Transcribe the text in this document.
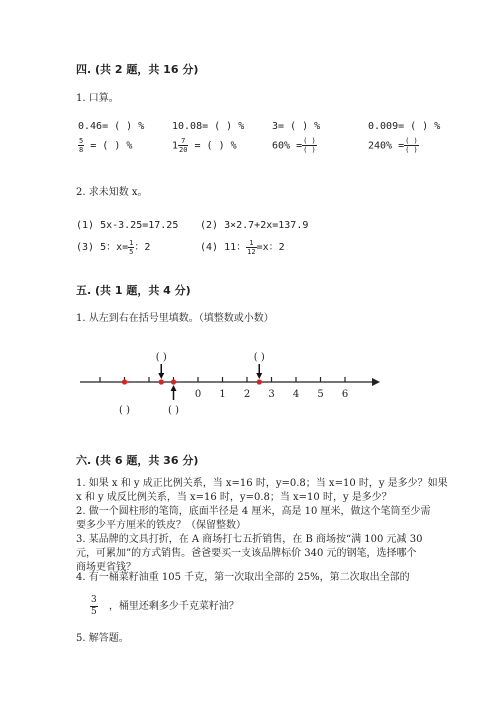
四. (共 2 题，共 16 分)
1. 口算。
0.46= ( ) %	10.08= ( ) %	3= ( ) %	0.009= ( ) %
$\frac{5}{8}$ = ( ) %	$1 \frac{7}{20}$ = ( ) %	$60\% = \frac{( )}{( )}$	$240\% = \frac{( )}{( )}$
2. 求未知数 x。
(1) 5x-3.25=17.25 (2) 3×2.7+2x=137.9
(3) 5：$x= \frac{1}{5}$ ：2	(4) 11： $\frac{1}{12} =x$：2
五. (共 1 题，共 4 分)
1. 从左到右在括号里填数。（填整数或小数）
0 1 2 3 4 5 6
( )	( )
( )	( )
六. (共 6 题，共 36 分)
1. 如果 x 和 y 成正比例关系，当 x=16 时，y=0.8；当 x=10 时，y 是多少？如果
x 和 y 成反比例关系，当 x=16 时，y=0.8；当 x=10 时，y 是多少？
2. 做一个圆柱形的笔筒，底面半径是 4 厘米，高是 10 厘米，做这个笔筒至少需
要多少平方厘米的铁皮？（保留整数）
3. 某品牌的文具打折，在 A 商场打七五折销售，在 B 商场按“满 100 元减 30
元，可累加”的方式销售。爸爸要买一支该品牌标价 340 元的钢笔，选择哪个
商场更省钱？
4. 有一桶菜籽油重 105 千克，第一次取出全部的 25%，第二次取出全部的
$\frac{3}{5}$ ，桶里还剩多少千克菜籽油？
5. 解答题。
